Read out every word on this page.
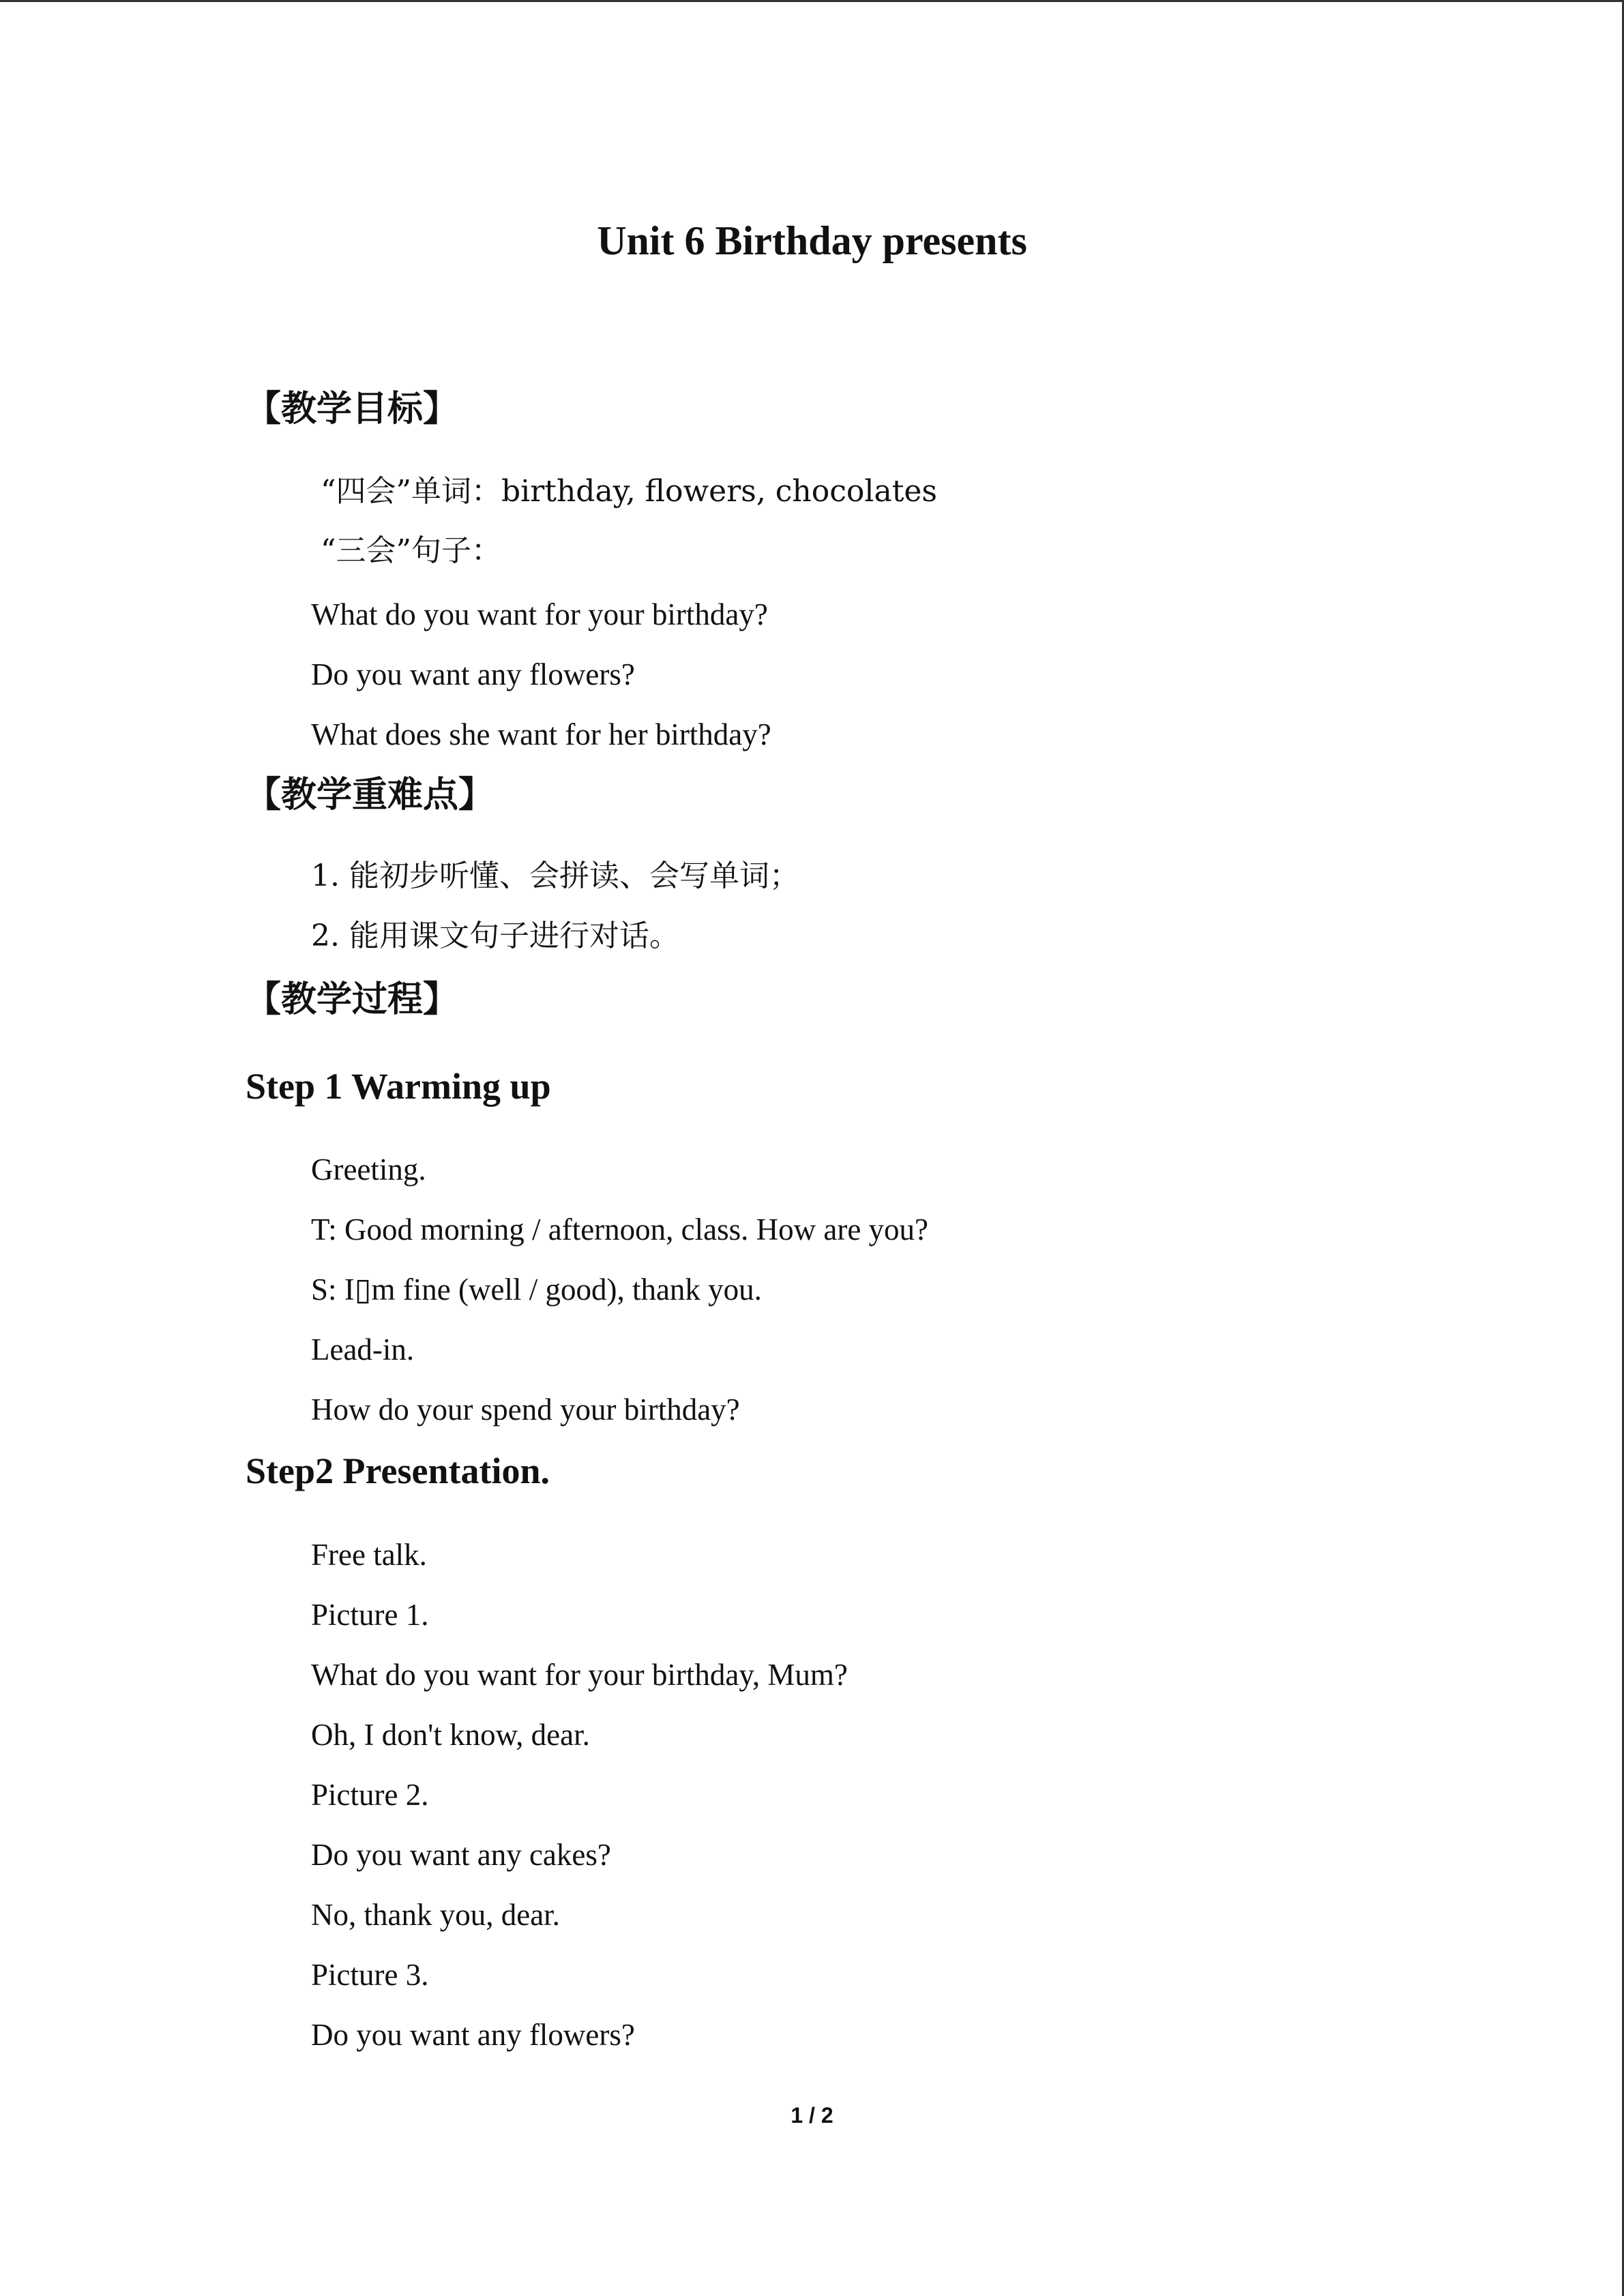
Unit 6 Birthday presents
【教学目标】
“四会”单词：birthday, flowers, chocolates
“三会”句子：
What do you want for your birthday?
Do you want any flowers?
What does she want for her birthday?
【教学重难点】
1. 能初步听懂、会拼读、会写单词；
2. 能用课文句子进行对话。
【教学过程】
Step 1 Warming up
Greeting.
T: Good morning / afternoon, class. How are you?
S: I▯m fine (well / good), thank you.
Lead-in.
How do your spend your birthday?
Step2 Presentation.
Free talk.
Picture 1.
What do you want for your birthday, Mum?
Oh, I don't know, dear.
Picture 2.
Do you want any cakes?
No, thank you, dear.
Picture 3.
Do you want any flowers?
1 / 2
